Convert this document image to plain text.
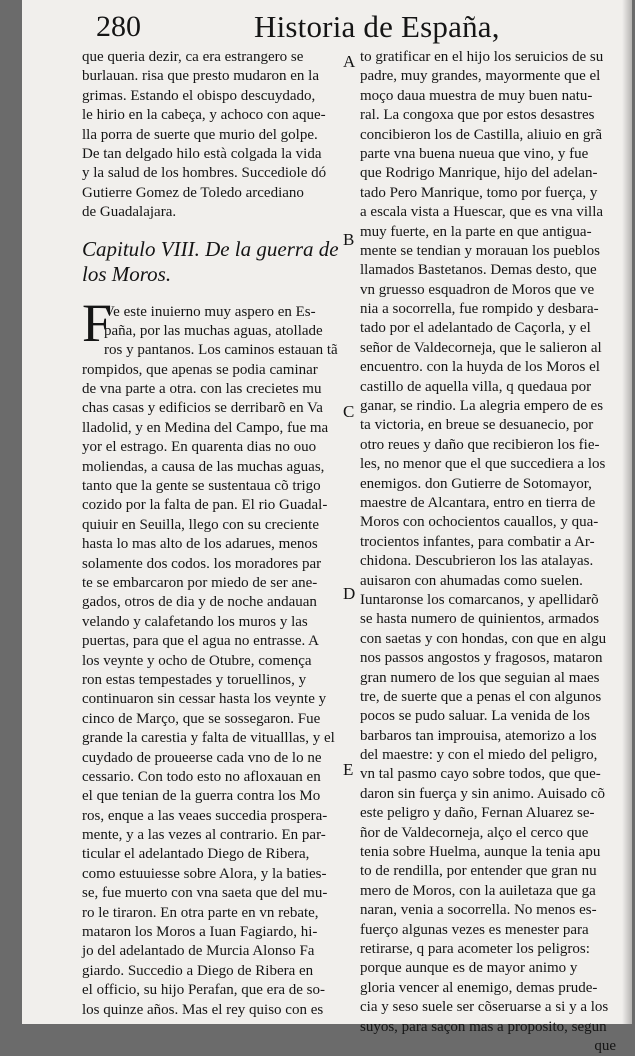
280	Historia de España,
que queria dezir, ca era estrangero se
burlauan. risa que presto mudaron en la
grimas. Estando el obispo descuydado,
le hirio en la cabeça, y achoco con aque-
lla porra de suerte que murio del golpe.
De tan delgado hilo està colgada la vida
y la salud de los hombres. Succediole dó
Gutierre Gomez de Toledo arcediano
de Guadalajara.
Capitulo VIII. De la guerra de
los Moros.
F
Ve este inuierno muy aspero en Es-
paña, por las muchas aguas, atollade
ros y pantanos. Los caminos estauan tã
rompidos, que apenas se podia caminar
de vna parte a otra. con las crecietes mu
chas casas y edificios se derribarõ en Va
lladolid, y en Medina del Campo, fue ma
yor el estrago. En quarenta dias no ouo
moliendas, a causa de las muchas aguas,
tanto que la gente se sustentaua cõ trigo
cozido por la falta de pan. El rio Guadal-
quiuir en Seuilla, llego con su creciente
hasta lo mas alto de los adarues, menos
solamente dos codos. los moradores par
te se embarcaron por miedo de ser ane-
gados, otros de dia y de noche andauan
velando y calafetando los muros y las
puertas, para que el agua no entrasse. A
los veynte y ocho de Otubre, comença
ron estas tempestades y toruellinos, y
continuaron sin cessar hasta los veynte y
cinco de Março, que se sossegaron. Fue
grande la carestia y falta de vitualllas, y el
cuydado de proueerse cada vno de lo ne
cessario. Con todo esto no afloxauan en
el que tenian de la guerra contra los Mo
ros, enque a las veaes succedia prospera-
mente, y a las vezes al contrario. En par-
ticular el adelantado Diego de Ribera,
como estuuiesse sobre Alora, y la baties-
se, fue muerto con vna saeta que del mu-
ro le tiraron. En otra parte en vn rebate,
mataron los Moros a Iuan Fagiardo, hi-
jo del adelantado de Murcia Alonso Fa
giardo. Succedio a Diego de Ribera en
el officio, su hijo Perafan, que era de so-
los quinze años. Mas el rey quiso con es
A
B
C
D
E
to gratificar en el hijo los seruicios de su
padre, muy grandes, mayormente que el
moço daua muestra de muy buen natu-
ral. La congoxa que por estos desastres
concibieron los de Castilla, aliuio en grã
parte vna buena nueua que vino, y fue
que Rodrigo Manrique, hijo del adelan-
tado Pero Manrique, tomo por fuerça, y
a escala vista a Huescar, que es vna villa
muy fuerte, en la parte en que antigua-
mente se tendian y morauan los pueblos
llamados Bastetanos. Demas desto, que
vn gruesso esquadron de Moros que ve
nia a socorrella, fue rompido y desbara-
tado por el adelantado de Caçorla, y el
señor de Valdecorneja, que le salieron al
encuentro. con la huyda de los Moros el
castillo de aquella villa, q quedaua por
ganar, se rindio. La alegria empero de es
ta victoria, en breue se desuanecio, por
otro reues y daño que recibieron los fie-
les, no menor que el que succediera a los
enemigos. don Gutierre de Sotomayor,
maestre de Alcantara, entro en tierra de
Moros con ochocientos cauallos, y qua-
trocientos infantes, para combatir a Ar-
chidona. Descubrieron los las atalayas.
auisaron con ahumadas como suelen.
Iuntaronse los comarcanos, y apellidarõ
se hasta numero de quinientos, armados
con saetas y con hondas, con que en algu
nos passos angostos y fragosos, mataron
gran numero de los que seguian al maes
tre, de suerte que a penas el con algunos
pocos se pudo saluar. La venida de los
barbaros tan improuisa, atemorizo a los
del maestre: y con el miedo del peligro,
vn tal pasmo cayo sobre todos, que que-
daron sin fuerça y sin animo. Auisado cõ
este peligro y daño, Fernan Aluarez se-
ñor de Valdecorneja, alço el cerco que
tenia sobre Huelma, aunque la tenia apu
to de rendilla, por entender que gran nu
mero de Moros, con la auiletaza que ga
naran, venia a socorrella. No menos es-
fuerço algunas vezes es menester para
retirarse, q para acometer los peligros:
porque aunque es de mayor animo y
gloria vencer al enemigo, demas prude-
cia y seso suele ser cõseruarse a si y a los
suyos, para saçon mas a proposito, segun
que
